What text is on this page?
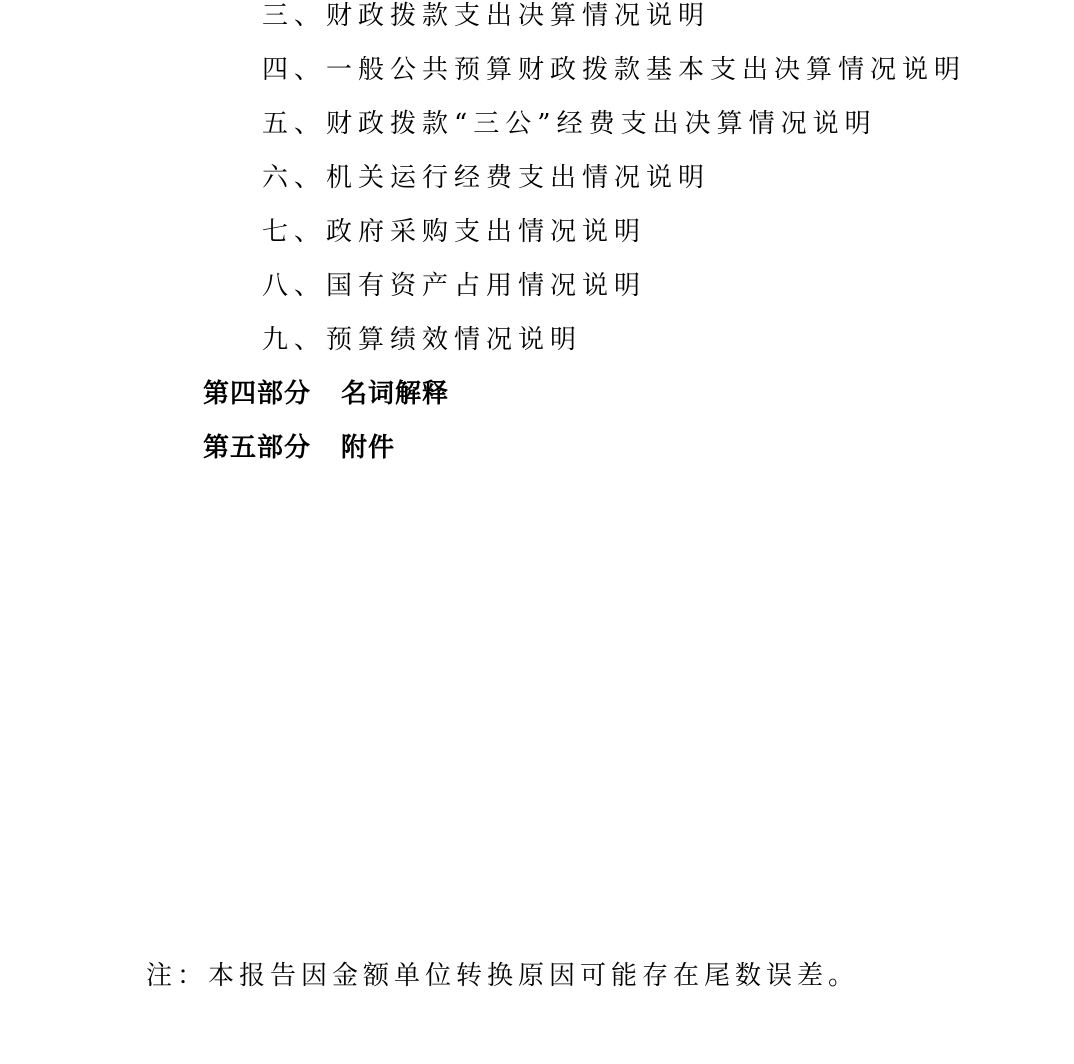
三、财政拨款支出决算情况说明
四、一般公共预算财政拨款基本支出决算情况说明
五、财政拨款“三公”经费支出决算情况说明
六、机关运行经费支出情况说明
七、政府采购支出情况说明
八、国有资产占用情况说明
九、预算绩效情况说明
第四部分 名词解释
第五部分 附件
注：本报告因金额单位转换原因可能存在尾数误差。
